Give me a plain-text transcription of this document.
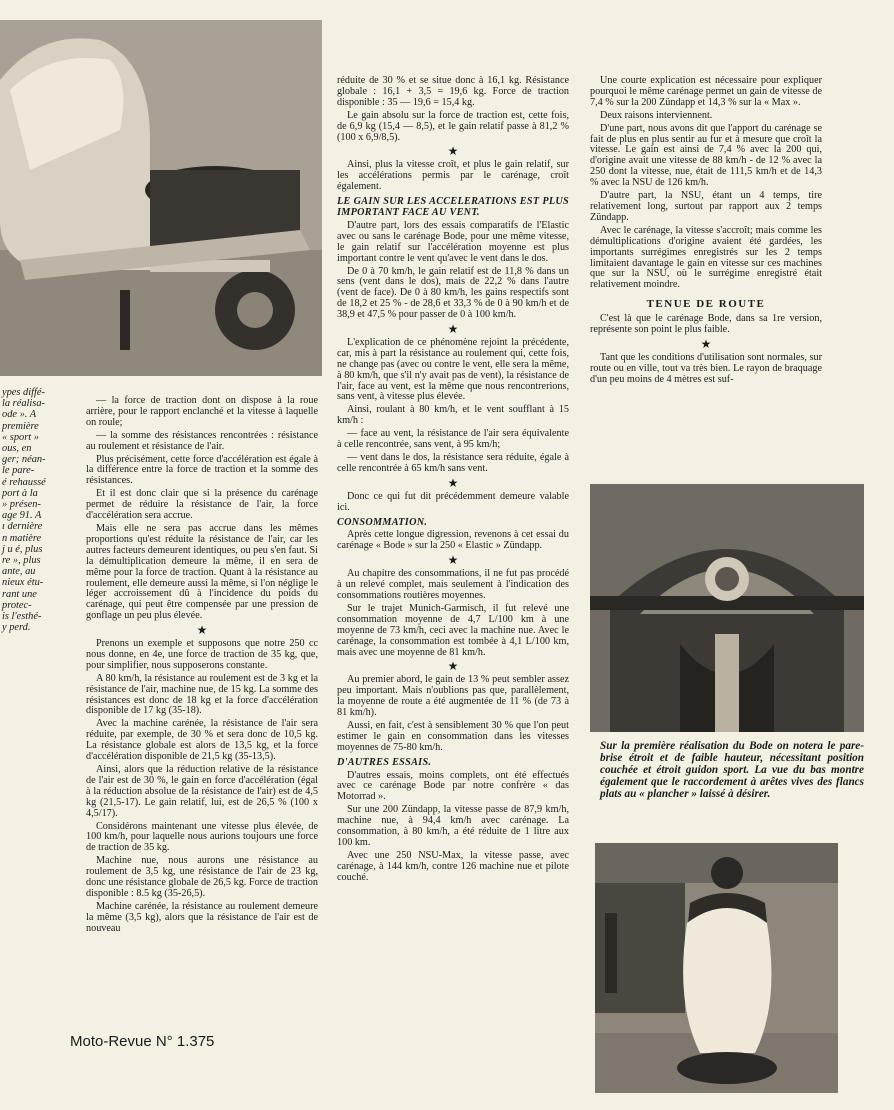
ypes diffé-
la réalisa-
ode ». A
première
« sport »
ous, en
ger; néan-
le pare-
é rehaussé
port à la
» présen-
age 91. A
ı dernière
n matière
j u é, plus
re », plus
ante, au
nieux étu-
rant une
protec-
is l'esthé-
y perd.

— la force de traction dont on dispose à la roue arrière, pour le rapport enclanché et la vitesse à laquelle on roule;

— la somme des résistances rencontrées : résistance au roulement et résistance de l'air.

Plus précisément, cette force d'accélération est égale à la différence entre la force de traction et la somme des résistances.

Et il est donc clair que si la présence du carénage permet de réduire la résistance de l'air, la force d'accélération sera accrue.

Mais elle ne sera pas accrue dans les mêmes proportions qu'est réduite la résistance de l'air, car les autres facteurs demeurent identiques, ou peu s'en faut. Si la démultiplication demeure la même, il en sera de même pour la force de traction. Quant à la résistance au roulement, elle demeure aussi la même, si l'on néglige le léger accroissement dû à l'incidence du poids du carénage, qui peut être compensée par une pression de gonflage un peu plus élevée.

★

Prenons un exemple et supposons que notre 250 cc nous donne, en 4e, une force de traction de 35 kg, que, pour simplifier, nous supposerons constante.

A 80 km/h, la résistance au roulement est de 3 kg et la résistance de l'air, machine nue, de 15 kg. La somme des résistances est donc de 18 kg et la force d'accélération disponible de 17 kg (35-18).

Avec la machine carénée, la résistance de l'air sera réduite, par exemple, de 30 % et sera donc de 10,5 kg. La résistance globale est alors de 13,5 kg, et la force d'accélération disponible de 21,5 kg (35-13,5).

Ainsi, alors que la réduction relative de la résistance de l'air est de 30 %, le gain en force d'accélération (égal à la réduction absolue de la résistance de l'air) est de 4,5 kg (21,5-17). Le gain relatif, lui, est de 26,5 % (100 x 4,5/17).

Considérons maintenant une vitesse plus élevée, de 100 km/h, pour laquelle nous aurions toujours une force de traction de 35 kg.

Machine nue, nous aurons une résistance au roulement de 3,5 kg, une résistance de l'air de 23 kg, donc une résistance globale de 26,5 kg. Force de traction disponible : 8.5 kg (35-26,5).

Machine carénée, la résistance au roulement demeure la même (3,5 kg), alors que la résistance de l'air est de nouveau

réduite de 30 % et se situe donc à 16,1 kg. Résistance globale : 16,1 + 3,5 = 19,6 kg. Force de traction disponible : 35 — 19,6 = 15,4 kg.

Le gain absolu sur la force de traction est, cette fois, de 6,9 kg (15,4 — 8,5), et le gain relatif passe à 81,2 % (100 x 6,9/8,5).

★

Ainsi, plus la vitesse croît, et plus le gain relatif, sur les accélérations permis par le carénage, croît également.

LE GAIN SUR LES ACCELERATIONS EST PLUS IMPORTANT FACE AU VENT.

D'autre part, lors des essais comparatifs de l'Elastic avec ou sans le carénage Bode, pour une même vitesse, le gain relatif sur l'accélération moyenne est plus important contre le vent qu'avec le vent dans le dos.

De 0 à 70 km/h, le gain relatif est de 11,8 % dans un sens (vent dans le dos), mais de 22,2 % dans l'autre (vent de face). De 0 à 80 km/h, les gains respectifs sont de 18,2 et 25 % - de 28,6 et 33,3 % de 0 à 90 km/h et de 38,9 et 47,5 % pour passer de 0 à 100 km/h.

★

L'explication de ce phénomène rejoint la précédente, car, mis à part la résistance au roulement qui, cette fois, ne change pas (avec ou contre le vent, elle sera la même, à 80 km/h, que s'il n'y avait pas de vent), la résistance de l'air, face au vent, est la même que nous rencontrerions, sans vent, à vitesse plus élevée.

Ainsi, roulant à 80 km/h, et le vent soufflant à 15 km/h :

— face au vent, la résistance de l'air sera équivalente à celle rencontrée, sans vent, à 95 km/h;

— vent dans le dos, la résistance sera réduite, égale à celle rencontrée à 65 km/h sans vent.

★

Donc ce qui fut dit précédemment demeure valable ici.

CONSOMMATION.

Après cette longue digression, revenons à cet essai du carénage « Bode » sur la 250 « Elastic » Zündapp.

★

Au chapitre des consommations, il ne fut pas procédé à un relevé complet, mais seulement à l'indication des consommations routières moyennes.

Sur le trajet Munich-Garmisch, il fut relevé une consommation moyenne de 4,7 L/100 km à une moyenne de 73 km/h, ceci avec la machine nue. Avec le carénage, la consommation est tombée à 4,1 L/100 km, mais avec une moyenne de 81 km/h.

★

Au premier abord, le gain de 13 % peut sembler assez peu important. Mais n'oublions pas que, parallèlement, la moyenne de route a été augmentée de 11 % (de 73 à 81 km/h).

Aussi, en fait, c'est à sensiblement 30 % que l'on peut estimer le gain en consommation dans les vitesses moyennes de 75-80 km/h.

D'AUTRES ESSAIS.

D'autres essais, moins complets, ont été effectués avec ce carénage Bode par notre confrère « das Motorrad ».

Sur une 200 Zündapp, la vitesse passe de 87,9 km/h, machine nue, à 94,4 km/h avec carénage. La consommation, à 80 km/h, a été réduite de 1 litre aux 100 km.

Avec une 250 NSU-Max, la vitesse passe, avec carénage, à 144 km/h, contre 126 machine nue et pilote couché.

Une courte explication est nécessaire pour expliquer pourquoi le même carénage permet un gain de vitesse de 7,4 % sur la 200 Zündapp et 14,3 % sur la « Max ».

Deux raisons interviennent.

D'une part, nous avons dit que l'apport du carénage se fait de plus en plus sentir au fur et à mesure que croît la vitesse. Le gain est ainsi de 7,4 % avec la 200 qui, d'origine avait une vitesse de 88 km/h - de 12 % avec la 250 dont la vitesse, nue, était de 111,5 km/h et de 14,3 % avec la NSU de 126 km/h.

D'autre part, la NSU, étant un 4 temps, tire relativement long, surtout par rapport aux 2 temps Zündapp.

Avec le carénage, la vitesse s'accroît; mais comme les démultiplications d'origine avaient été gardées, les importants surrégimes enregistrés sur les 2 temps limitaient davantage le gain en vitesse sur ces machines que sur la NSU, où le surrégime enregistré était relativement moindre.

TENUE DE ROUTE

C'est là que le carénage Bode, dans sa 1re version, représente son point le plus faible.

★

Tant que les conditions d'utilisation sont normales, sur route ou en ville, tout va très bien. Le rayon de braquage d'un peu moins de 4 mètres est suf-

Sur la première réalisation du Bode on notera le pare-brise étroit et de faible hauteur, nécessitant position couchée et étroit guidon sport. La vue du bas montre également que le raccordement à arêtes vives des flancs plats au « plancher » laissé à désirer.
Moto-Revue N° 1.375
